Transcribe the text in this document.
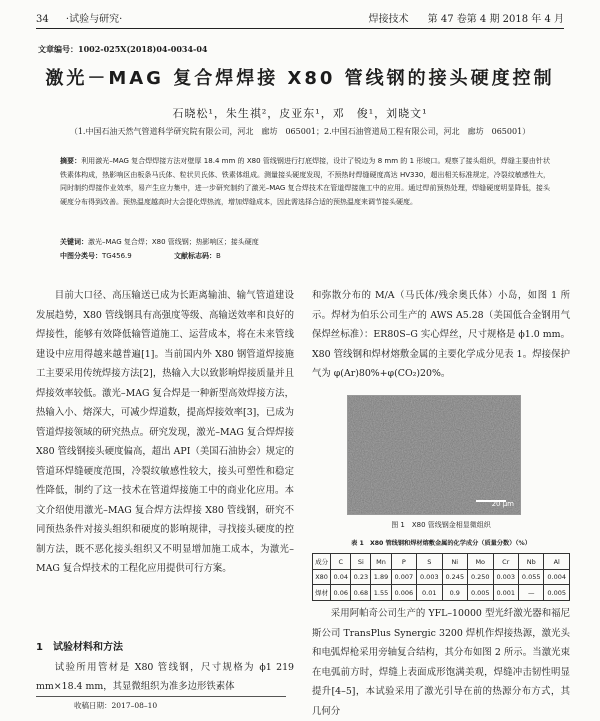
34 ·试验与研究·	焊接技术 第 47 卷第 4 期 2018 年 4 月
文章编号：1002-025X(2018)04-0034-04
激光－MAG 复合焊焊接 X80 管线钢的接头硬度控制
石晓松¹，朱生祺²，皮亚东¹，邓　俊¹，刘晓文¹
（1.中国石油天然气管道科学研究院有限公司，河北　廊坊　065001；2.中国石油管道局工程有限公司，河北　廊坊　065001）
摘要：利用激光–MAG 复合焊焊接方法对壁厚 18.4 mm 的 X80 管线钢进行打底焊接，设计了锐边为 8 mm 的 1 形坡口。观察了接头组织，焊缝主要由针状铁素体构成，热影响区由板条马氏体、粒状贝氏体、铁素体组成。测量接头硬度发现，不预热时焊缝硬度高达 HV330，超出相关标准规定，冷裂纹敏感性大，同时制约焊接作业效率，易产生应力集中，进一步研究制约了激光–MAG 复合焊技术在管道焊接施工中的应用。通过焊前预热处理，焊缝硬度明显降低，接头硬度分布得到改善。预热温度越高时大会提化焊热流，增加焊缝成本，因此需选择合适的预热温度来调节接头硬度。
关键词：激光–MAG 复合焊；X80 管线钢；热影响区；接头硬度
中图分类号：TG456.9	文献标志码：B

目前大口径、高压输送已成为长距离输油、输气管道建设发展趋势，X80 管线钢具有高强度等级、高输送效率和良好的焊接性，能够有效降低输管道施工、运营成本，将在未来管线建设中应用得越来越普遍[1]。当前国内外 X80 钢管道焊接施工主要采用传统焊接方法[2]，热输入大以致影响焊接质量并且焊接效率较低。激光–MAG 复合焊是一种新型高效焊接方法，热输入小、熔深大，可减少焊道数，提高焊接效率[3]，已成为管道焊接领域的研究热点。研究发现，激光–MAG 复合焊焊接 X80 管线钢接头硬度偏高，超出 API（美国石油协会）规定的管道环焊缝硬度范围，冷裂纹敏感性较大，接头可塑性和稳定性降低，制约了这一技术在管道焊接施工中的商业化应用。本文介绍使用激光–MAG 复合焊方法焊接 X80 管线钢，研究不同预热条件对接头组织和硬度的影响规律，寻找接头硬度的控制方法，既不恶化接头组织又不明显增加施工成本，为激光–MAG 复合焊技术的工程化应用提供可行方案。

1　试验材料和方法

试验所用管材是 X80 管线钢，尺寸规格为 ϕ1 219 mm×18.4 mm，其显微组织为准多边形铁素体

收稿日期：2017–08–10

和弥散分布的 M/A（马氏体/残余奥氏体）小岛，如图 1 所示。焊材为伯乐公司生产的 AWS A5.28（美国低合金钢用气保焊丝标准）：ER80S–G 实心焊丝，尺寸规格是 ϕ1.0 mm。X80 管线钢和焊材熔敷金属的主要化学成分见表 1。焊接保护气为 φ(Ar)80%+φ(CO₂)20%。

20 μm
图 1　X80 管线钢金相显微组织
表 1　X80 管线钢和焊材熔敷金属的化学成分（质量分数）（%）
成分	C	Si	Mn	P	S	Ni	Mo	Cr	Nb	Al
X80	0.04	0.23	1.89	0.007	0.003	0.245	0.250	0.003	0.055	0.004
焊材	0.06	0.68	1.55	0.006	0.01	0.9	0.005	0.001	—	0.005

采用阿帕奇公司生产的 YFL–10000 型光纤激光器和福尼斯公司 TransPlus Synergic 3200 焊机作焊接热源，激光头和电弧焊枪采用旁轴复合结构，其分布如图 2 所示。当激光束在电弧前方时，焊缝上表面成形饱满美观，焊缝冲击韧性明显提升[4–5]，本试验采用了激光引导在前的热源分布方式，其几何分
